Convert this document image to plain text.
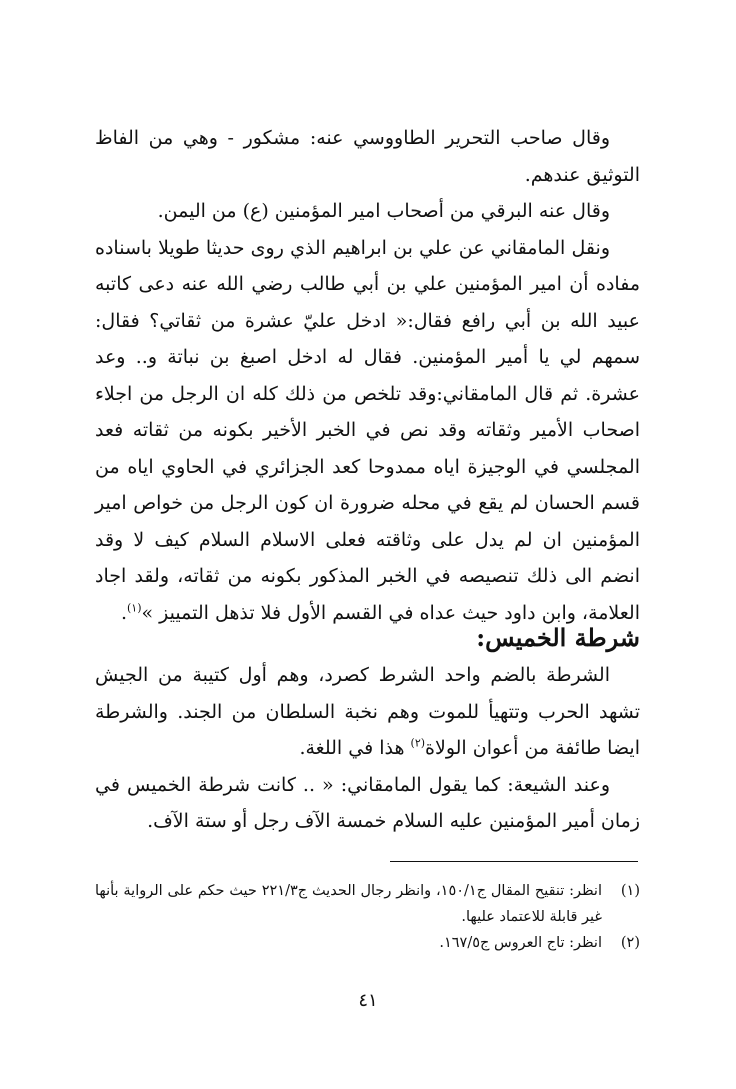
وقال صاحب التحرير الطاووسي عنه: مشكور - وهي من الفاظ التوثيق عندهم.

وقال عنه البرقي من أصحاب امير المؤمنين (ع) من اليمن.

ونقل المامقاني عن علي بن ابراهيم الذي روى حديثا طويلا باسناده مفاده أن امير المؤمنين علي بن أبي طالب رضي الله عنه دعى كاتبه عبيد الله بن أبي رافع فقال:« ادخل عليّ عشرة من ثقاتي؟ فقال: سمهم لي يا أمير المؤمنين. فقال له ادخل اصبغ بن نباتة و.. وعد عشرة. ثم قال المامقاني:وقد تلخص من ذلك كله ان الرجل من اجلاء اصحاب الأمير وثقاته وقد نص في الخبر الأخير بكونه من ثقاته فعد المجلسي في الوجيزة اياه ممدوحا كعد الجزائري في الحاوي اياه من قسم الحسان لم يقع في محله ضرورة ان كون الرجل من خواص امير المؤمنين ان لم يدل على وثاقته فعلى الاسلام السلام كيف لا وقد انضم الى ذلك تنصيصه في الخبر المذكور بكونه من ثقاته، ولقد اجاد العلامة، وابن داود حيث عداه في القسم الأول فلا تذهل التمييز »$^{(١)}$.

شرطة الخميس:

الشرطة بالضم واحد الشرط كصرد، وهم أول كتيبة من الجيش تشهد الحرب وتتهيأ للموت وهم نخبة السلطان من الجند. والشرطة ايضا طائفة من أعوان الولاة$^{(٢)}$ هذا في اللغة.

وعند الشيعة: كما يقول المامقاني: « .. كانت شرطة الخميس في زمان أمير المؤمنين عليه السلام خمسة الآف رجل أو ستة الآف.

(١)
انظر: تنقيح المقال ج١٥٠/١، وانظر رجال الحديث ج٢٢١/٣ حيث حكم على الرواية بأنها غير قابلة للاعتماد عليها.
(٢)
انظر: تاج العروس ج١٦٧/٥.
٤١
